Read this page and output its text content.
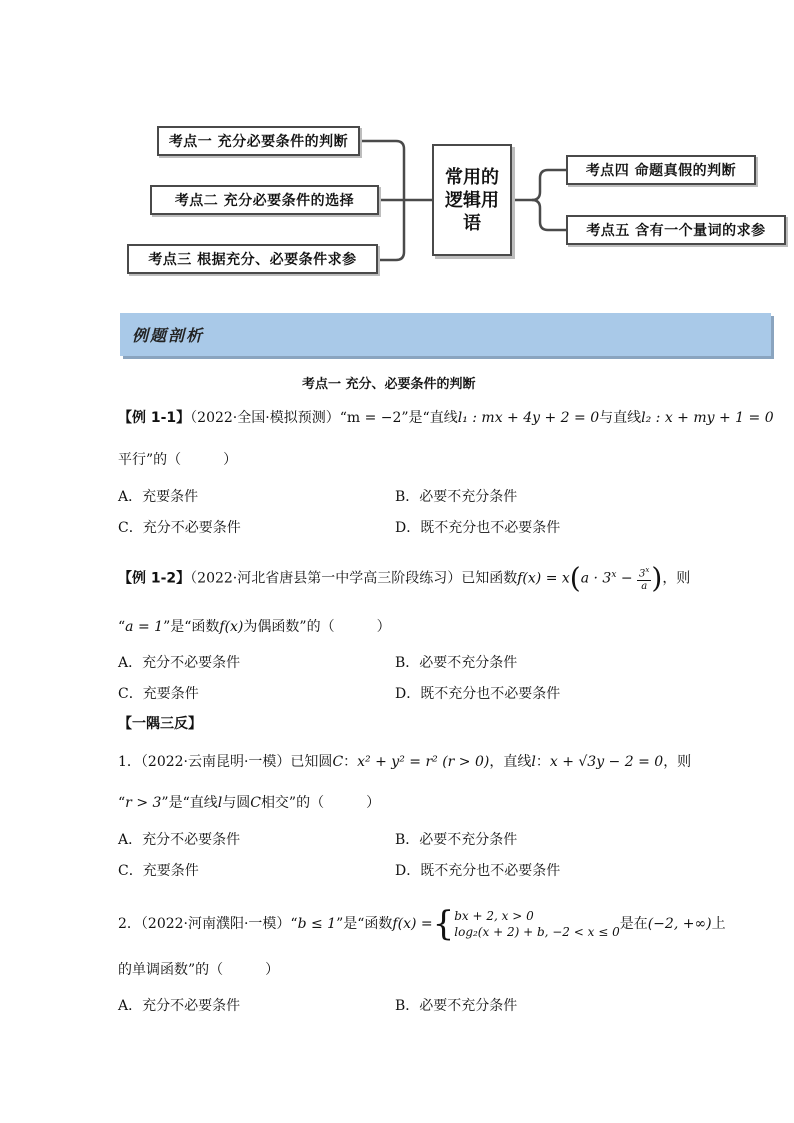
考点一 充分必要条件的判断
考点二 充分必要条件的选择
考点三 根据充分、必要条件求参
常用的逻辑用语
考点四 命题真假的判断
考点五 含有一个量词的求参
例题剖析
考点一 充分、必要条件的判断
【例 1-1】（2022·全国·模拟预测）“m = −2”是“直线l₁ : mx + 4y + 2 = 0与直线l₂ : x + my + 1 = 0
平行”的（　　　）
A．充要条件	B．必要不充分条件
C．充分不必要条件	D．既不充分也不必要条件
【例 1-2】（2022·河北省唐县第一中学高三阶段练习）已知函数$f(x) = x(a \cdot 3^x - \frac{3^x}{a}$ )，则
“a = 1”是“函数f(x)为偶函数”的（　　　）
A．充分不必要条件	B．必要不充分条件
C．充要条件	D．既不充分也不必要条件
【一隅三反】
1．（2022·云南昆明·一模）已知圆C：x² + y² = r² (r > 0)，直线l：x + √3y − 2 = 0，则
“r > 3”是“直线l与圆C相交”的（　　　）
A．充分不必要条件	B．必要不充分条件
C．充要条件	D．既不充分也不必要条件
2．（2022·河南濮阳·一模）“b ≤ 1”是“函数f(x) ={ bx + 2, x > 0
log₂(x + 2) + b, −2 < x ≤ 0 是在(−2, +∞)上
的单调函数”的（　　　）
A．充分不必要条件	B．必要不充分条件
